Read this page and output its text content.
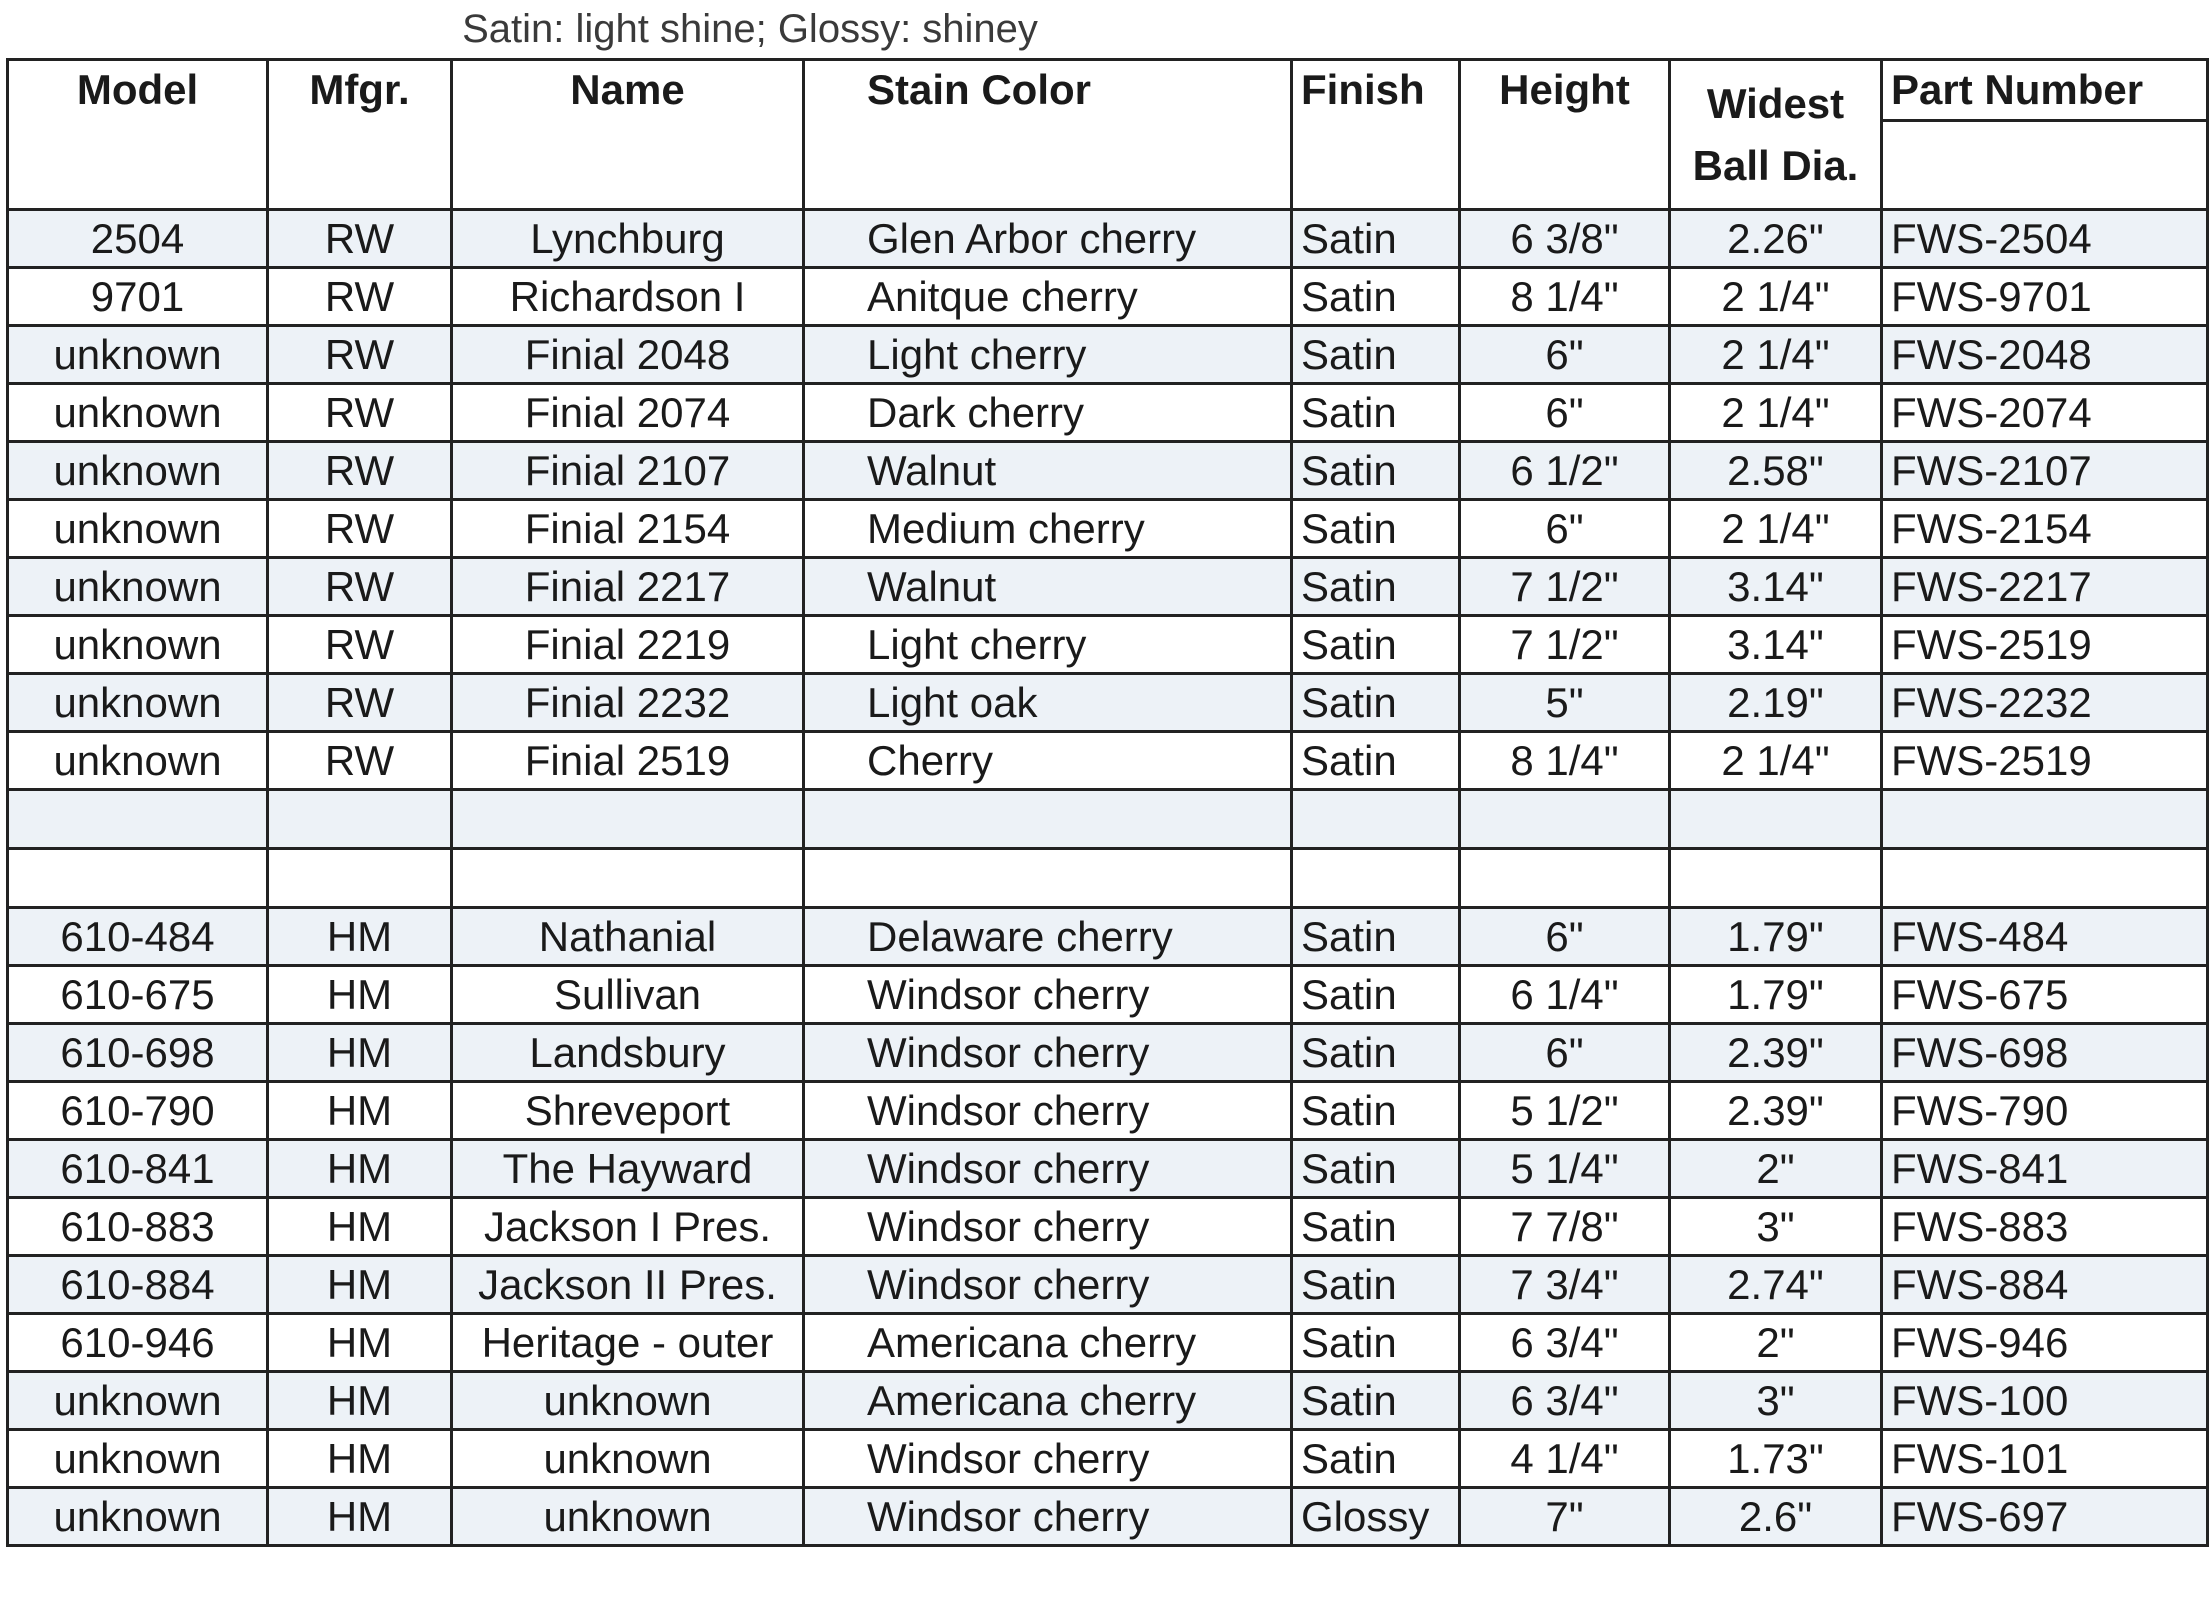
Satin: light shine; Glossy: shiney
Model	Mfgr.	Name	Stain Color	Finish	Height	Widest Ball Dia.	Part Number

2504	RW	Lynchburg	Glen Arbor cherry	Satin	6 3/8"	2.26"	FWS-2504
9701	RW	Richardson I	Anitque cherry	Satin	8 1/4"	2 1/4"	FWS-9701
unknown	RW	Finial 2048	Light cherry	Satin	6"	2 1/4"	FWS-2048
unknown	RW	Finial 2074	Dark cherry	Satin	6"	2 1/4"	FWS-2074
unknown	RW	Finial 2107	Walnut	Satin	6 1/2"	2.58"	FWS-2107
unknown	RW	Finial 2154	Medium cherry	Satin	6"	2 1/4"	FWS-2154
unknown	RW	Finial 2217	Walnut	Satin	7 1/2"	3.14"	FWS-2217
unknown	RW	Finial 2219	Light cherry	Satin	7 1/2"	3.14"	FWS-2519
unknown	RW	Finial 2232	Light oak	Satin	5"	2.19"	FWS-2232
unknown	RW	Finial 2519	Cherry	Satin	8 1/4"	2 1/4"	FWS-2519

610-484	HM	Nathanial	Delaware cherry	Satin	6"	1.79"	FWS-484
610-675	HM	Sullivan	Windsor cherry	Satin	6 1/4"	1.79"	FWS-675
610-698	HM	Landsbury	Windsor cherry	Satin	6"	2.39"	FWS-698
610-790	HM	Shreveport	Windsor cherry	Satin	5 1/2"	2.39"	FWS-790
610-841	HM	The Hayward	Windsor cherry	Satin	5 1/4"	2"	FWS-841
610-883	HM	Jackson I Pres.	Windsor cherry	Satin	7 7/8"	3"	FWS-883
610-884	HM	Jackson II Pres.	Windsor cherry	Satin	7 3/4"	2.74"	FWS-884
610-946	HM	Heritage - outer	Americana cherry	Satin	6 3/4"	2"	FWS-946
unknown	HM	unknown	Americana cherry	Satin	6 3/4"	3"	FWS-100
unknown	HM	unknown	Windsor cherry	Satin	4 1/4"	1.73"	FWS-101
unknown	HM	unknown	Windsor cherry	Glossy	7"	2.6"	FWS-697
